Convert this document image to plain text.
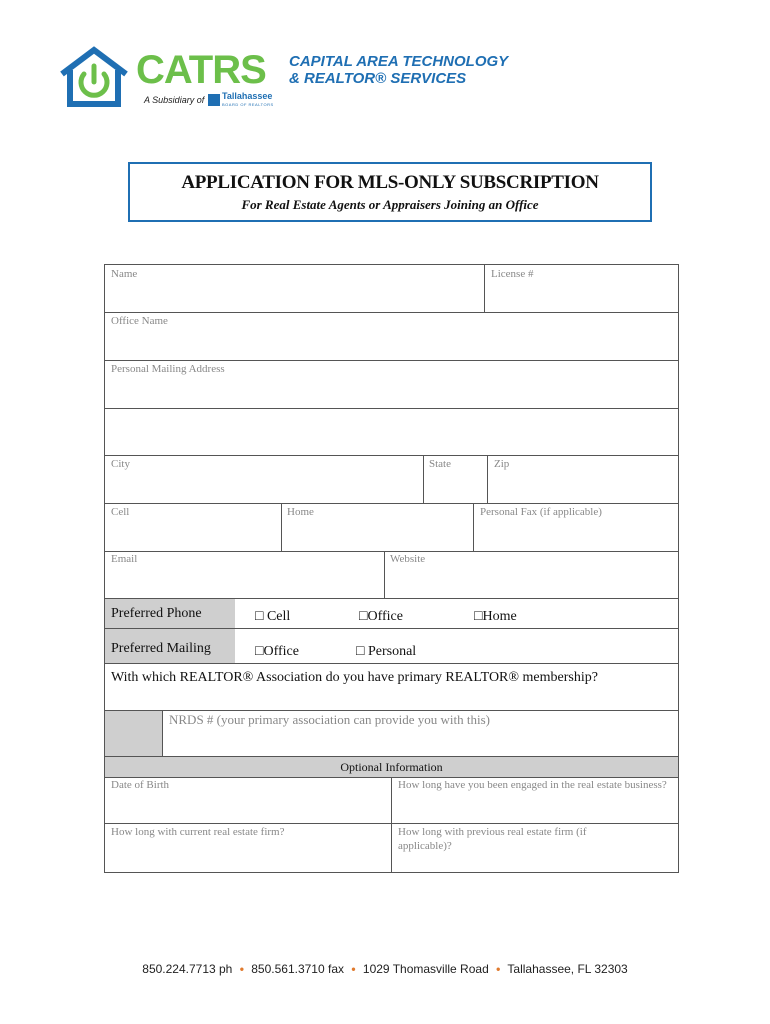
CATRS CAPITAL AREA TECHNOLOGY
& REALTOR® SERVICES
A Subsidiary of Tallahassee
BOARD OF REALTORS
APPLICATION FOR MLS-ONLY SUBSCRIPTION
For Real Estate Agents or Appraisers Joining an Office
Name	License #
Office Name
Personal Mailing Address
City	State	Zip
Cell	Home	Personal Fax (if applicable)
Email	Website
Preferred Phone	□ Cell	□Office	□Home
Preferred Mailing	□Office	□ Personal
With which REALTOR® Association do you have primary REALTOR® membership?
NRDS # (your primary association can provide you with this)
Optional Information
Date of Birth	How long have you been engaged in the real estate business?
How long with current real estate firm?	How long with previous real estate firm (if applicable)?
850.224.7713 ph • 850.561.3710 fax • 1029 Thomasville Road • Tallahassee, FL 32303
